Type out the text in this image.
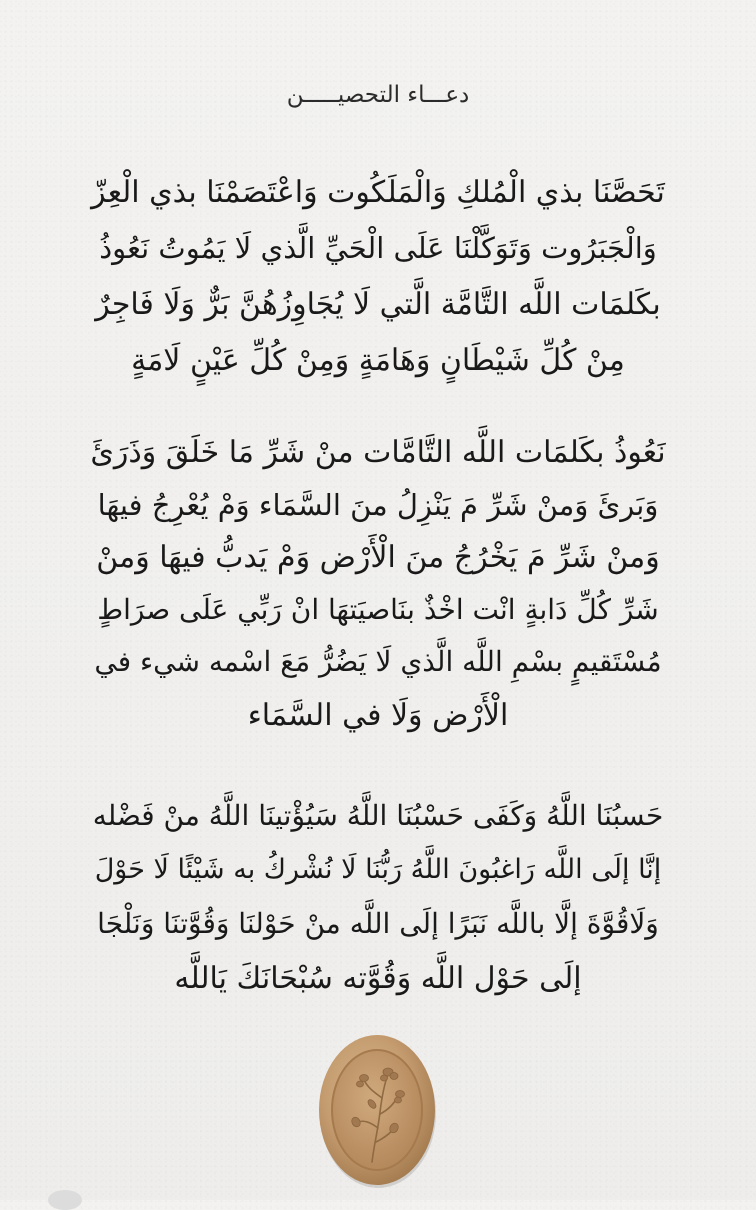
دعـــاء التحصيـــــن
تَحَصَّنَا بذي الْمُلكِ وَالْمَلَكُوت وَاعْتَصَمْنَا بذي الْعِزّ
وَالْجَبَرُوت وَتَوَكَّلْنَا عَلَى الْحَيِّ الَّذي لَا يَمُوتُ نَعُوذُ
بكَلمَات اللَّه التَّامَّة الَّتي لَا يُجَاوِزُهُنَّ بَرٌّ وَلَا فَاجِرٌ
مِنْ كُلِّ شَيْطَانٍ وَهَامَةٍ وَمِنْ كُلِّ عَيْنٍ لَامَةٍ
نَعُوذُ بكَلمَات اللَّه التَّامَّات منْ شَرِّ مَا خَلَقَ وَذَرَئَ
وَبَرئَ وَمنْ شَرِّ مَ يَنْزِلُ منَ السَّمَاء وَمْ يُعْرِجُ فيهَا
وَمنْ شَرِّ مَ يَخْرُجُ منَ الْأَرْض وَمْ يَدبُّ فيهَا وَمنْ
شَرِّ كُلِّ دَابةٍ انْت اخْذٌ بنَاصيَتهَا انْ رَبِّي عَلَى صرَاطٍ
مُسْتَقيمٍ بسْمِ اللَّه الَّذي لَا يَضُرُّ مَعَ اسْمه شيء في
الْأَرْض وَلَا في السَّمَاء
حَسبُنَا اللَّهُ وَكَفَى حَسْبُنَا اللَّهُ سَيُؤْتينَا اللَّهُ منْ فَضْله
إنَّا إلَى اللَّه رَاغبُونَ اللَّهُ رَبُّنَا لَا نُشْركُ به شَيْئًا لَا حَوْلَ
وَلَاقُوَّةَ إلَّا باللَّه نَبَرًا إلَى اللَّه منْ حَوْلنَا وَقُوَّتنَا وَنَلْجَا
إلَى حَوْل اللَّه وَقُوَّته سُبْحَانَكَ يَاللَّه
